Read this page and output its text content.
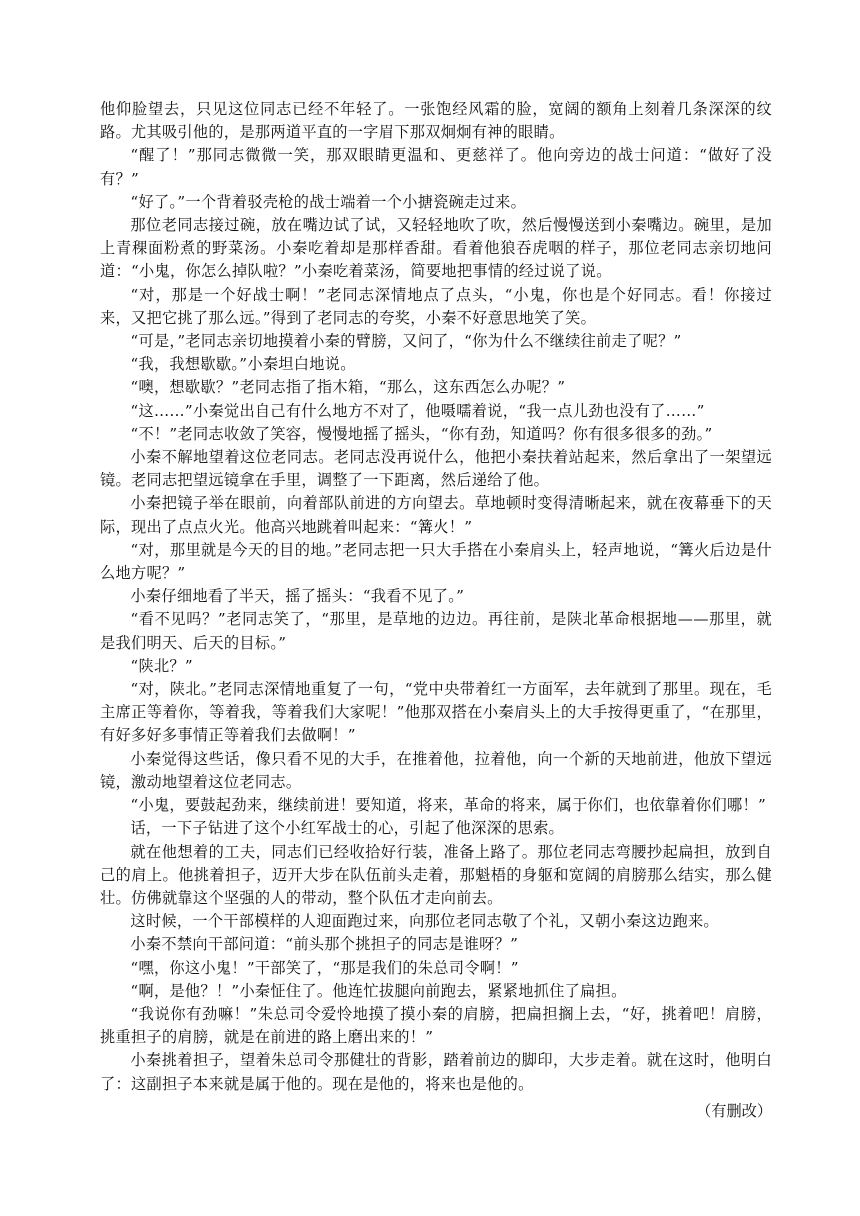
他仰脸望去，只见这位同志已经不年轻了。一张饱经风霜的脸，宽阔的额角上刻着几条深深的纹路。尤其吸引他的，是那两道平直的一字眉下那双炯炯有神的眼睛。

“醒了！”那同志微微一笑，那双眼睛更温和、更慈祥了。他向旁边的战士问道：“做好了没有？”

“好了。”一个背着驳壳枪的战士端着一个小搪瓷碗走过来。

那位老同志接过碗，放在嘴边试了试，又轻轻地吹了吹，然后慢慢送到小秦嘴边。碗里，是加上青稞面粉煮的野菜汤。小秦吃着却是那样香甜。看着他狼吞虎咽的样子，那位老同志亲切地问道：“小鬼，你怎么掉队啦？”小秦吃着菜汤，简要地把事情的经过说了说。

“对，那是一个好战士啊！”老同志深情地点了点头，“小鬼，你也是个好同志。看！你接过来，又把它挑了那么远。”得到了老同志的夸奖，小秦不好意思地笑了笑。

“可是，”老同志亲切地摸着小秦的臂膀，又问了，“你为什么不继续往前走了呢？”

“我，我想歇歇。”小秦坦白地说。

“噢，想歇歇？”老同志指了指木箱，“那么，这东西怎么办呢？”

“这……”小秦觉出自己有什么地方不对了，他嗫嚅着说，“我一点儿劲也没有了……”

“不！”老同志收敛了笑容，慢慢地摇了摇头，“你有劲，知道吗？你有很多很多的劲。”

小秦不解地望着这位老同志。老同志没再说什么，他把小秦扶着站起来，然后拿出了一架望远镜。老同志把望远镜拿在手里，调整了一下距离，然后递给了他。

小秦把镜子举在眼前，向着部队前进的方向望去。草地顿时变得清晰起来，就在夜幕垂下的天际，现出了点点火光。他高兴地跳着叫起来：“篝火！”

“对，那里就是今天的目的地。”老同志把一只大手搭在小秦肩头上，轻声地说，“篝火后边是什么地方呢？”

小秦仔细地看了半天，摇了摇头：“我看不见了。”

“看不见吗？”老同志笑了，“那里，是草地的边边。再往前，是陕北革命根据地——那里，就是我们明天、后天的目标。”

“陕北？”

“对，陕北。”老同志深情地重复了一句，“党中央带着红一方面军，去年就到了那里。现在，毛主席正等着你，等着我，等着我们大家呢！”他那双搭在小秦肩头上的大手按得更重了，“在那里，有好多好多事情正等着我们去做啊！”

小秦觉得这些话，像只看不见的大手，在推着他，拉着他，向一个新的天地前进，他放下望远镜，激动地望着这位老同志。

“小鬼，要鼓起劲来，继续前进！要知道，将来，革命的将来，属于你们，也依靠着你们哪！”

话，一下子钻进了这个小红军战士的心，引起了他深深的思索。

就在他想着的工夫，同志们已经收拾好行装，准备上路了。那位老同志弯腰抄起扁担，放到自己的肩上。他挑着担子，迈开大步在队伍前头走着，那魁梧的身躯和宽阔的肩膀那么结实，那么健壮。仿佛就靠这个坚强的人的带动，整个队伍才走向前去。

这时候，一个干部模样的人迎面跑过来，向那位老同志敬了个礼，又朝小秦这边跑来。

小秦不禁向干部问道：“前头那个挑担子的同志是谁呀？”

“嘿，你这小鬼！”干部笑了，“那是我们的朱总司令啊！”

“啊，是他？！”小秦怔住了。他连忙拔腿向前跑去，紧紧地抓住了扁担。

“我说你有劲嘛！”朱总司令爱怜地摸了摸小秦的肩膀，把扁担搁上去，“好，挑着吧！肩膀，挑重担子的肩膀，就是在前进的路上磨出来的！”

小秦挑着担子，望着朱总司令那健壮的背影，踏着前边的脚印，大步走着。就在这时，他明白了：这副担子本来就是属于他的。现在是他的，将来也是他的。

（有删改）
